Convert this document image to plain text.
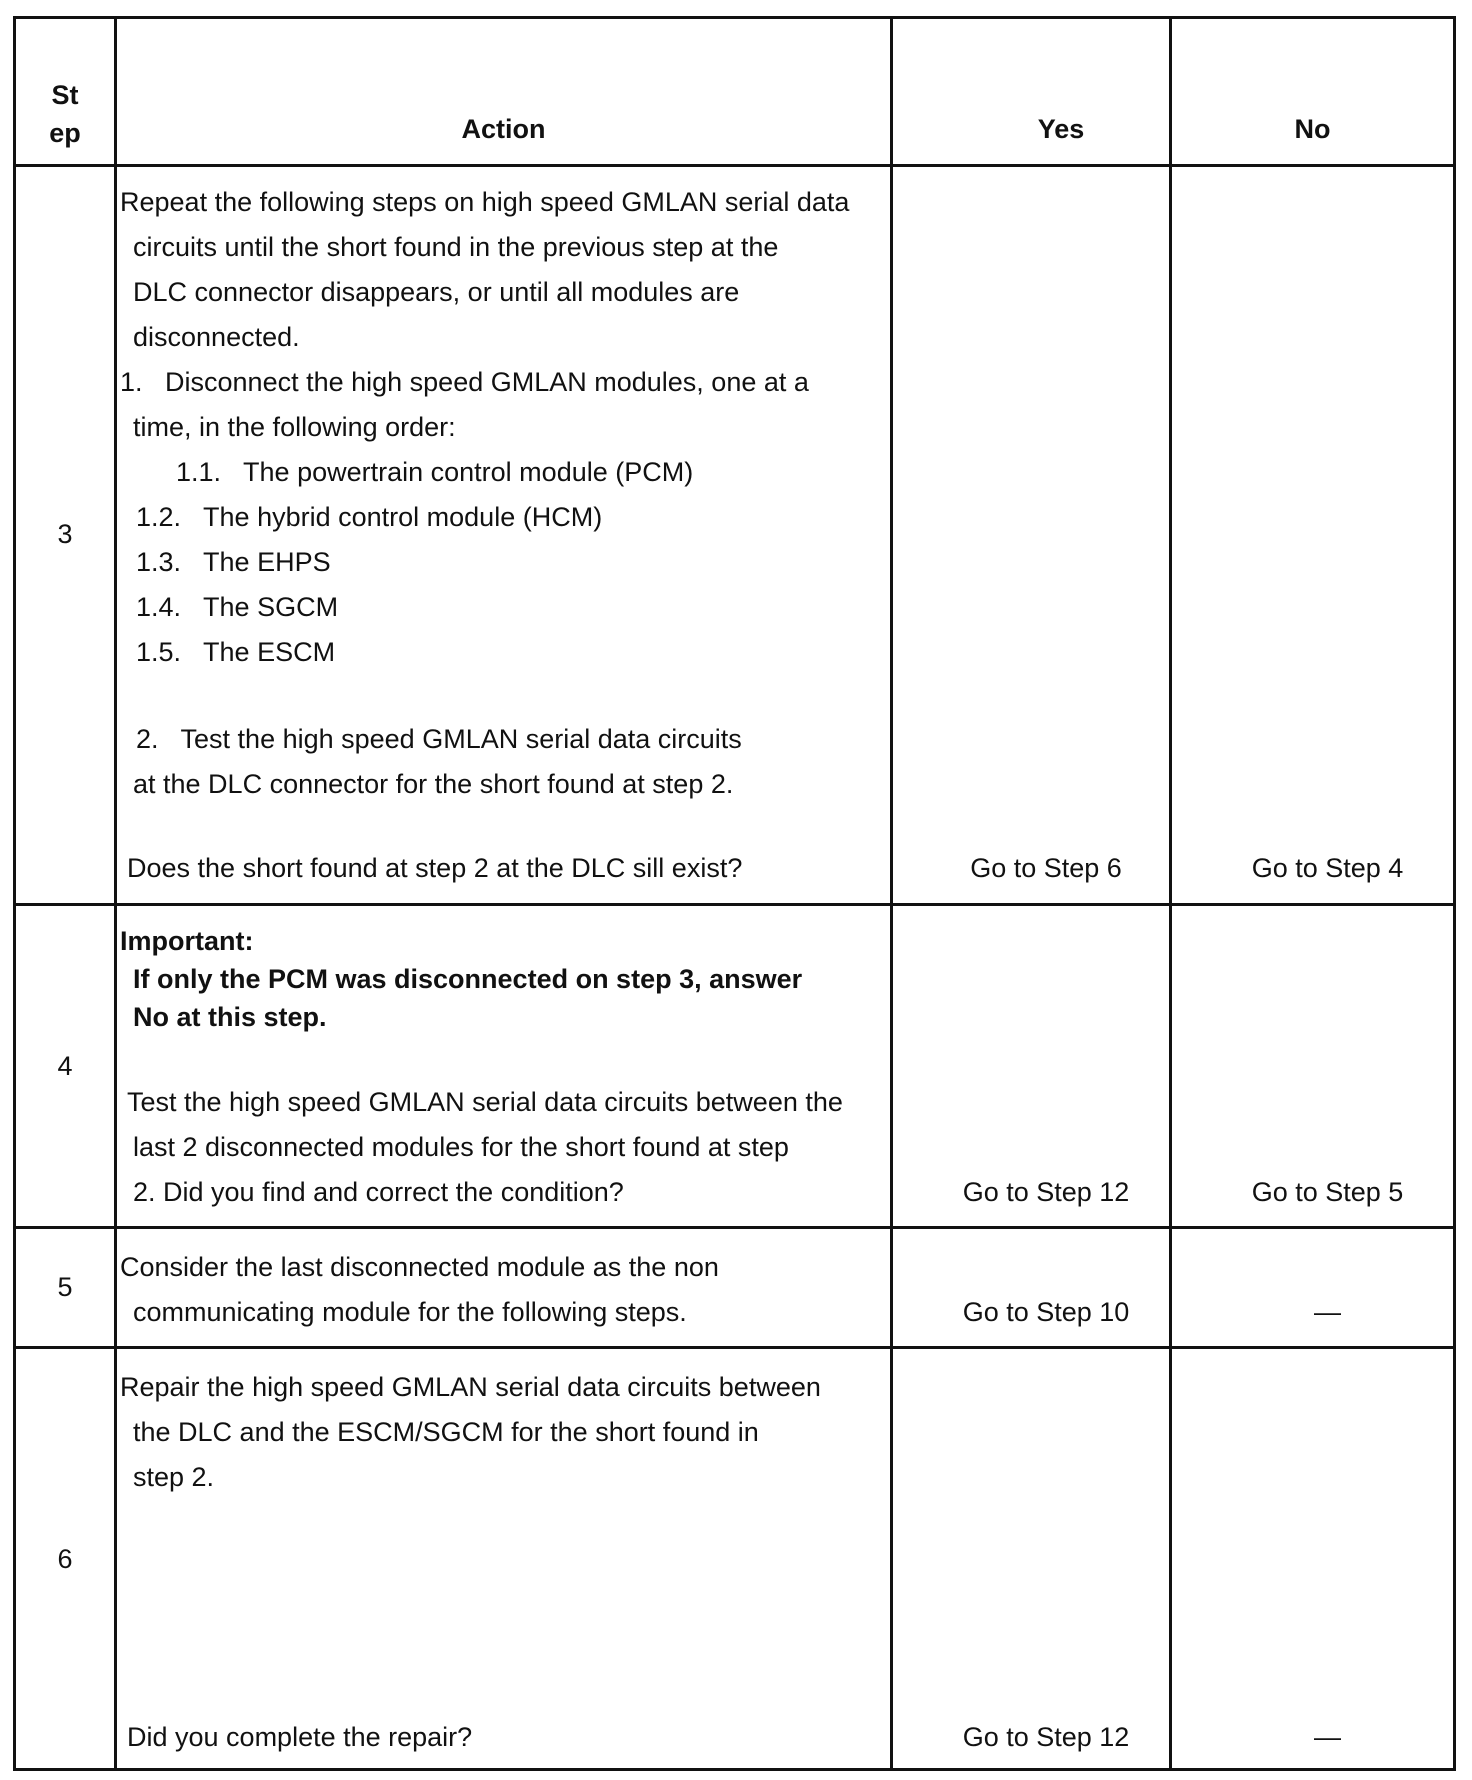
St
ep	Action	Yes	No
3
Repeat the following steps on high speed GMLAN serial data
circuits until the short found in the previous step at the
DLC connector disappears, or until all modules are
disconnected.
1.   Disconnect the high speed GMLAN modules, one at a
time, in the following order:
1.1.   The powertrain control module (PCM)
1.2.   The hybrid control module (HCM)
1.3.   The EHPS
1.4.   The SGCM
1.5.   The ESCM
2.   Test the high speed GMLAN serial data circuits
at the DLC connector for the short found at step 2.
Does the short found at step 2 at the DLC sill exist?	Go to Step 6	Go to Step 4
4
Important:
If only the PCM was disconnected on step 3, answer
No at this step.
Test the high speed GMLAN serial data circuits between the
last 2 disconnected modules for the short found at step
2. Did you find and correct the condition?	Go to Step 12	Go to Step 5
5
Consider the last disconnected module as the non
communicating module for the following steps.	Go to Step 10	—
6
Repair the high speed GMLAN serial data circuits between
the DLC and the ESCM/SGCM for the short found in
step 2.
Did you complete the repair?	Go to Step 12	—
